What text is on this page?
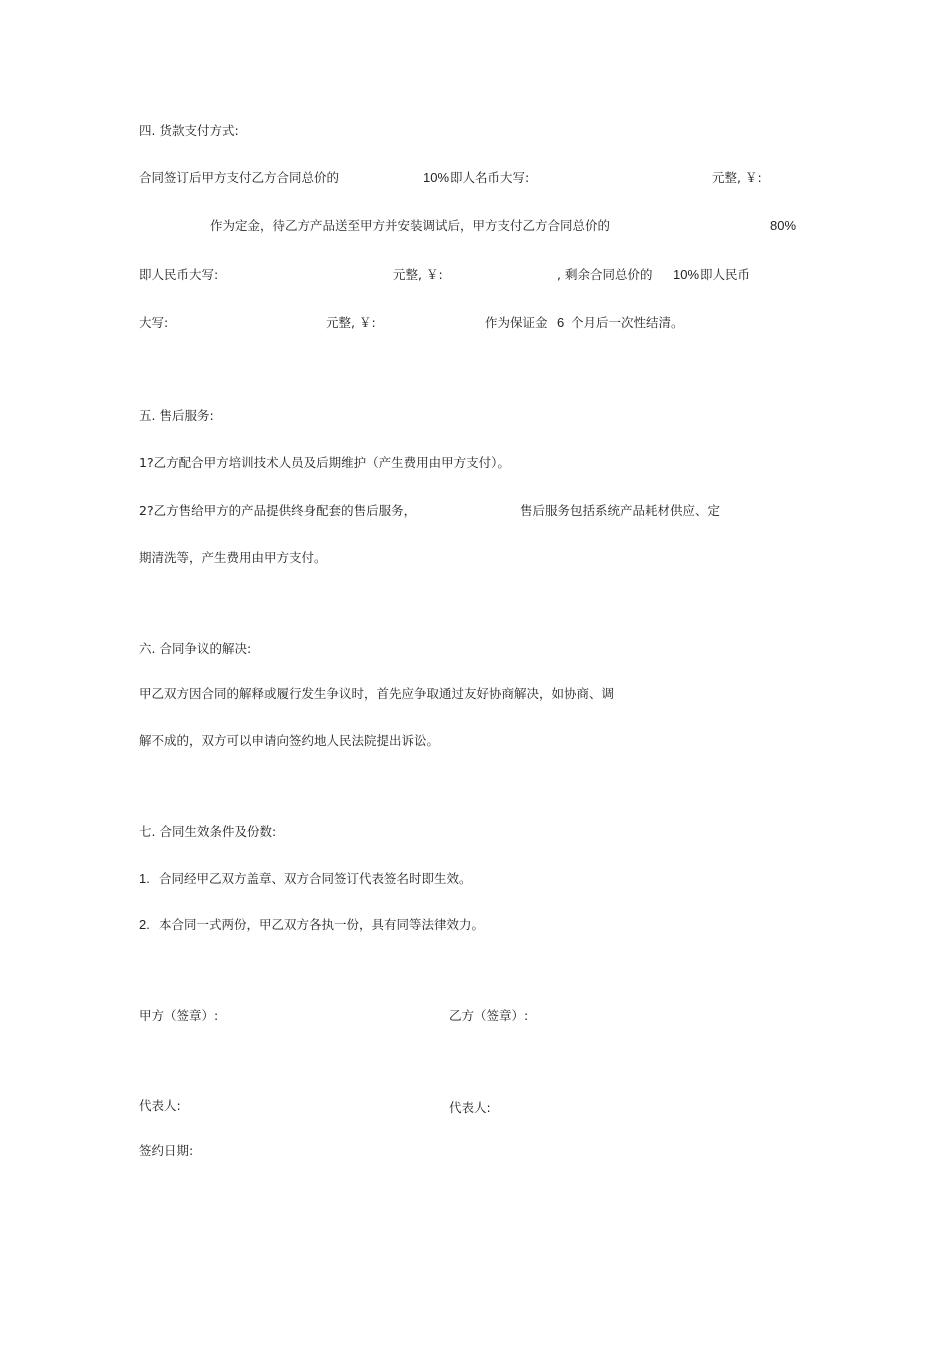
四. 货款支付方式:
合同签订后甲方支付乙方合同总价的	10% 即人名币大写:	元整, ￥:
作为定金，待乙方产品送至甲方并安装调试后，甲方支付乙方合同总价的	80%
即人民币大写:	元整, ￥:	, 剩余合同总价的 10% 即人民币
大写:	元整, ￥:	作为保证金 6 个月后一次性结清。
五. 售后服务:
1?乙方配合甲方培训技术人员及后期维护（产生费用由甲方支付）。
2?乙方售给甲方的产品提供终身配套的售后服务，	售后服务包括系统产品耗材供应、定
期清洗等，产生费用由甲方支付。
六. 合同争议的解决:
甲乙双方因合同的解释或履行发生争议时，首先应争取通过友好协商解决，如协商、调
解不成的，双方可以申请向签约地人民法院提出诉讼。
七. 合同生效条件及份数:
1. 合同经甲乙双方盖章、双方合同签订代表签名时即生效。
2. 本合同一式两份，甲乙双方各执一份，具有同等法律效力。
甲方（签章）:	乙方（签章）:
代表人:	代表人:
签约日期:
